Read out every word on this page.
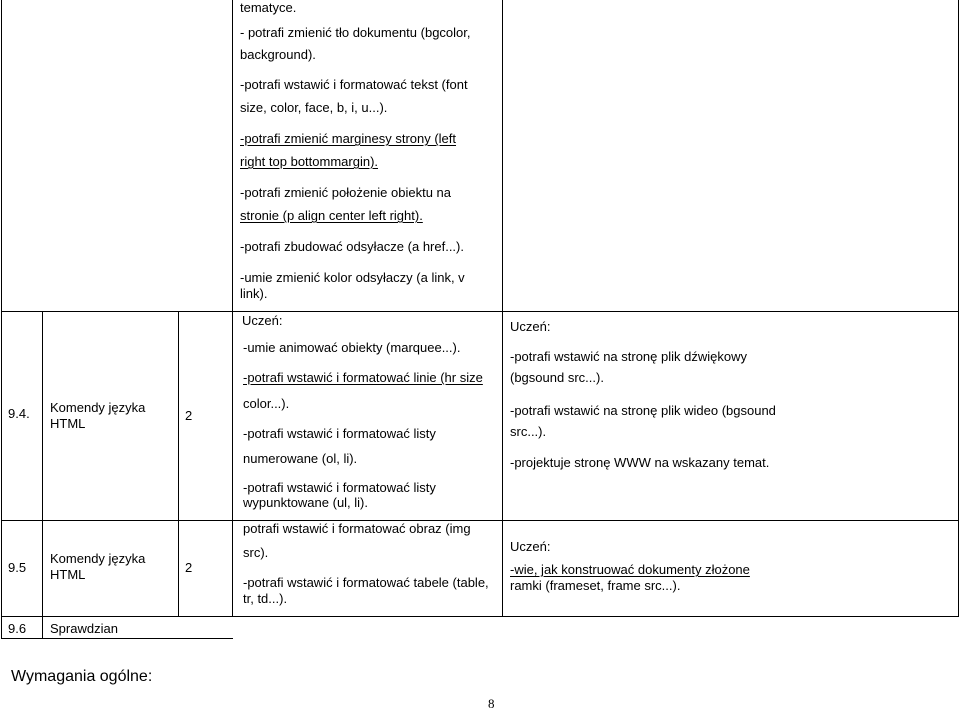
tematyce.
- potrafi zmienić tło dokumentu (bgcolor,
background).
-potrafi wstawić i formatować tekst (font
size, color, face, b, i, u...).
-potrafi zmienić marginesy strony (left
right top bottommargin).
-potrafi zmienić położenie obiektu na
stronie (p align center left right).
-potrafi zbudować odsyłacze (a href...).
-umie zmienić kolor odsyłaczy (a link, v
link).
9.4. Komendy języka
HTML
2
Uczeń:
-umie animować obiekty (marquee...).
-potrafi wstawić i formatować linie (hr size
color...).
-potrafi wstawić i formatować listy
numerowane (ol, li).
-potrafi wstawić i formatować listy
wypunktowane (ul, li).
Uczeń:
-potrafi wstawić na stronę plik dźwiękowy
(bgsound src...).
-potrafi wstawić na stronę plik wideo (bgsound
src...).
-projektuje stronę WWW na wskazany temat.
9.5
Komendy języka
HTML	2
potrafi wstawić i formatować obraz (img
src).
-potrafi wstawić i formatować tabele (table,
tr, td...).
Uczeń:
-wie, jak konstruować dokumenty złożone
ramki (frameset, frame src...).
9.6 Sprawdzian
Wymagania ogólne:
8
